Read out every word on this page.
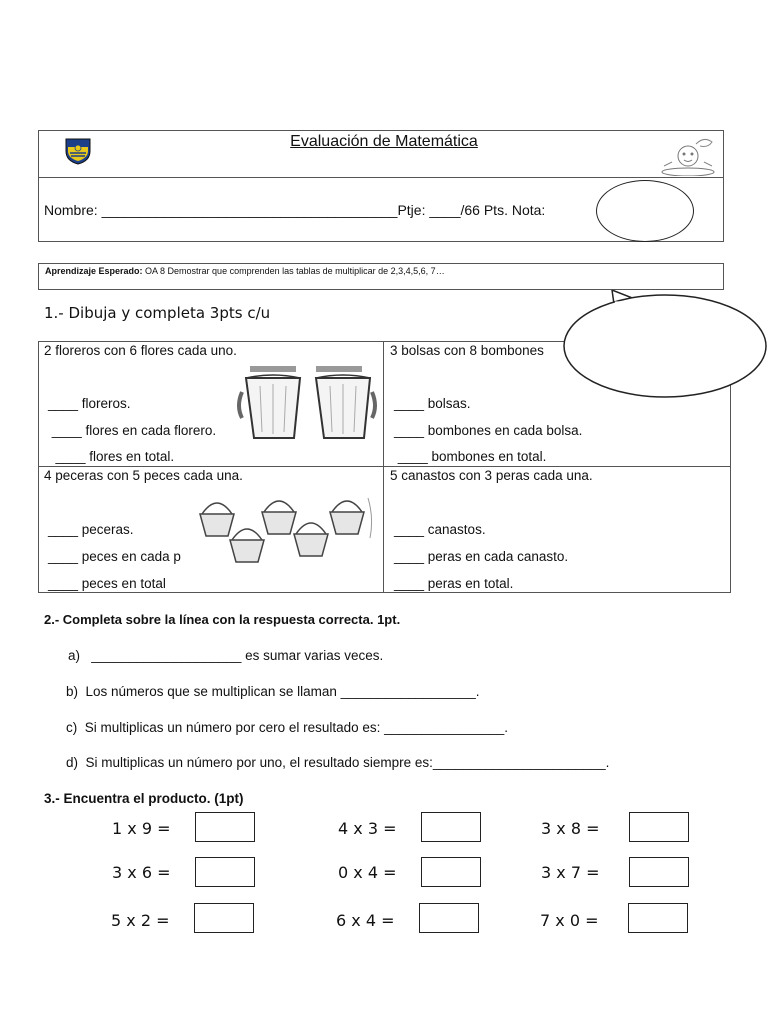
Evaluación de Matemática
Nombre: ______________________________________Ptje: ____/66 Pts. Nota:
Aprendizaje Esperado: OA 8 Demostrar que comprenden las tablas de multiplicar de 2,3,4,5,6, 7…
1.- Dibuja y completa 3pts c/u
2 floreros con 6 flores cada uno.
____ floreros.
____ flores en cada florero.
____ flores en total.
3 bolsas con 8 bombones
____ bolsas.
____ bombones en cada bolsa.
____ bombones en total.
4 peceras con 5 peces cada una.
____ peceras.
____ peces en cada p
____ peces en total
5 canastos con 3 peras cada una.
____ canastos.
____ peras en cada canasto.
____ peras en total.
2.- Completa sobre la línea con la respuesta correcta. 1pt.
a)   ____________________ es sumar varias veces.
b)  Los números que se multiplican se llaman __________________.
c)  Si multiplicas un número por cero el resultado es: ________________.
d)  Si multiplicas un número por uno, el resultado siempre es:_______________________.
3.- Encuentra el producto. (1pt)
1 x 9 =	4 x 3 =	3 x 8 =
3 x 6 =	0 x 4 =	3 x 7 =
5 x 2 =	6 x 4 =	7 x 0 =
